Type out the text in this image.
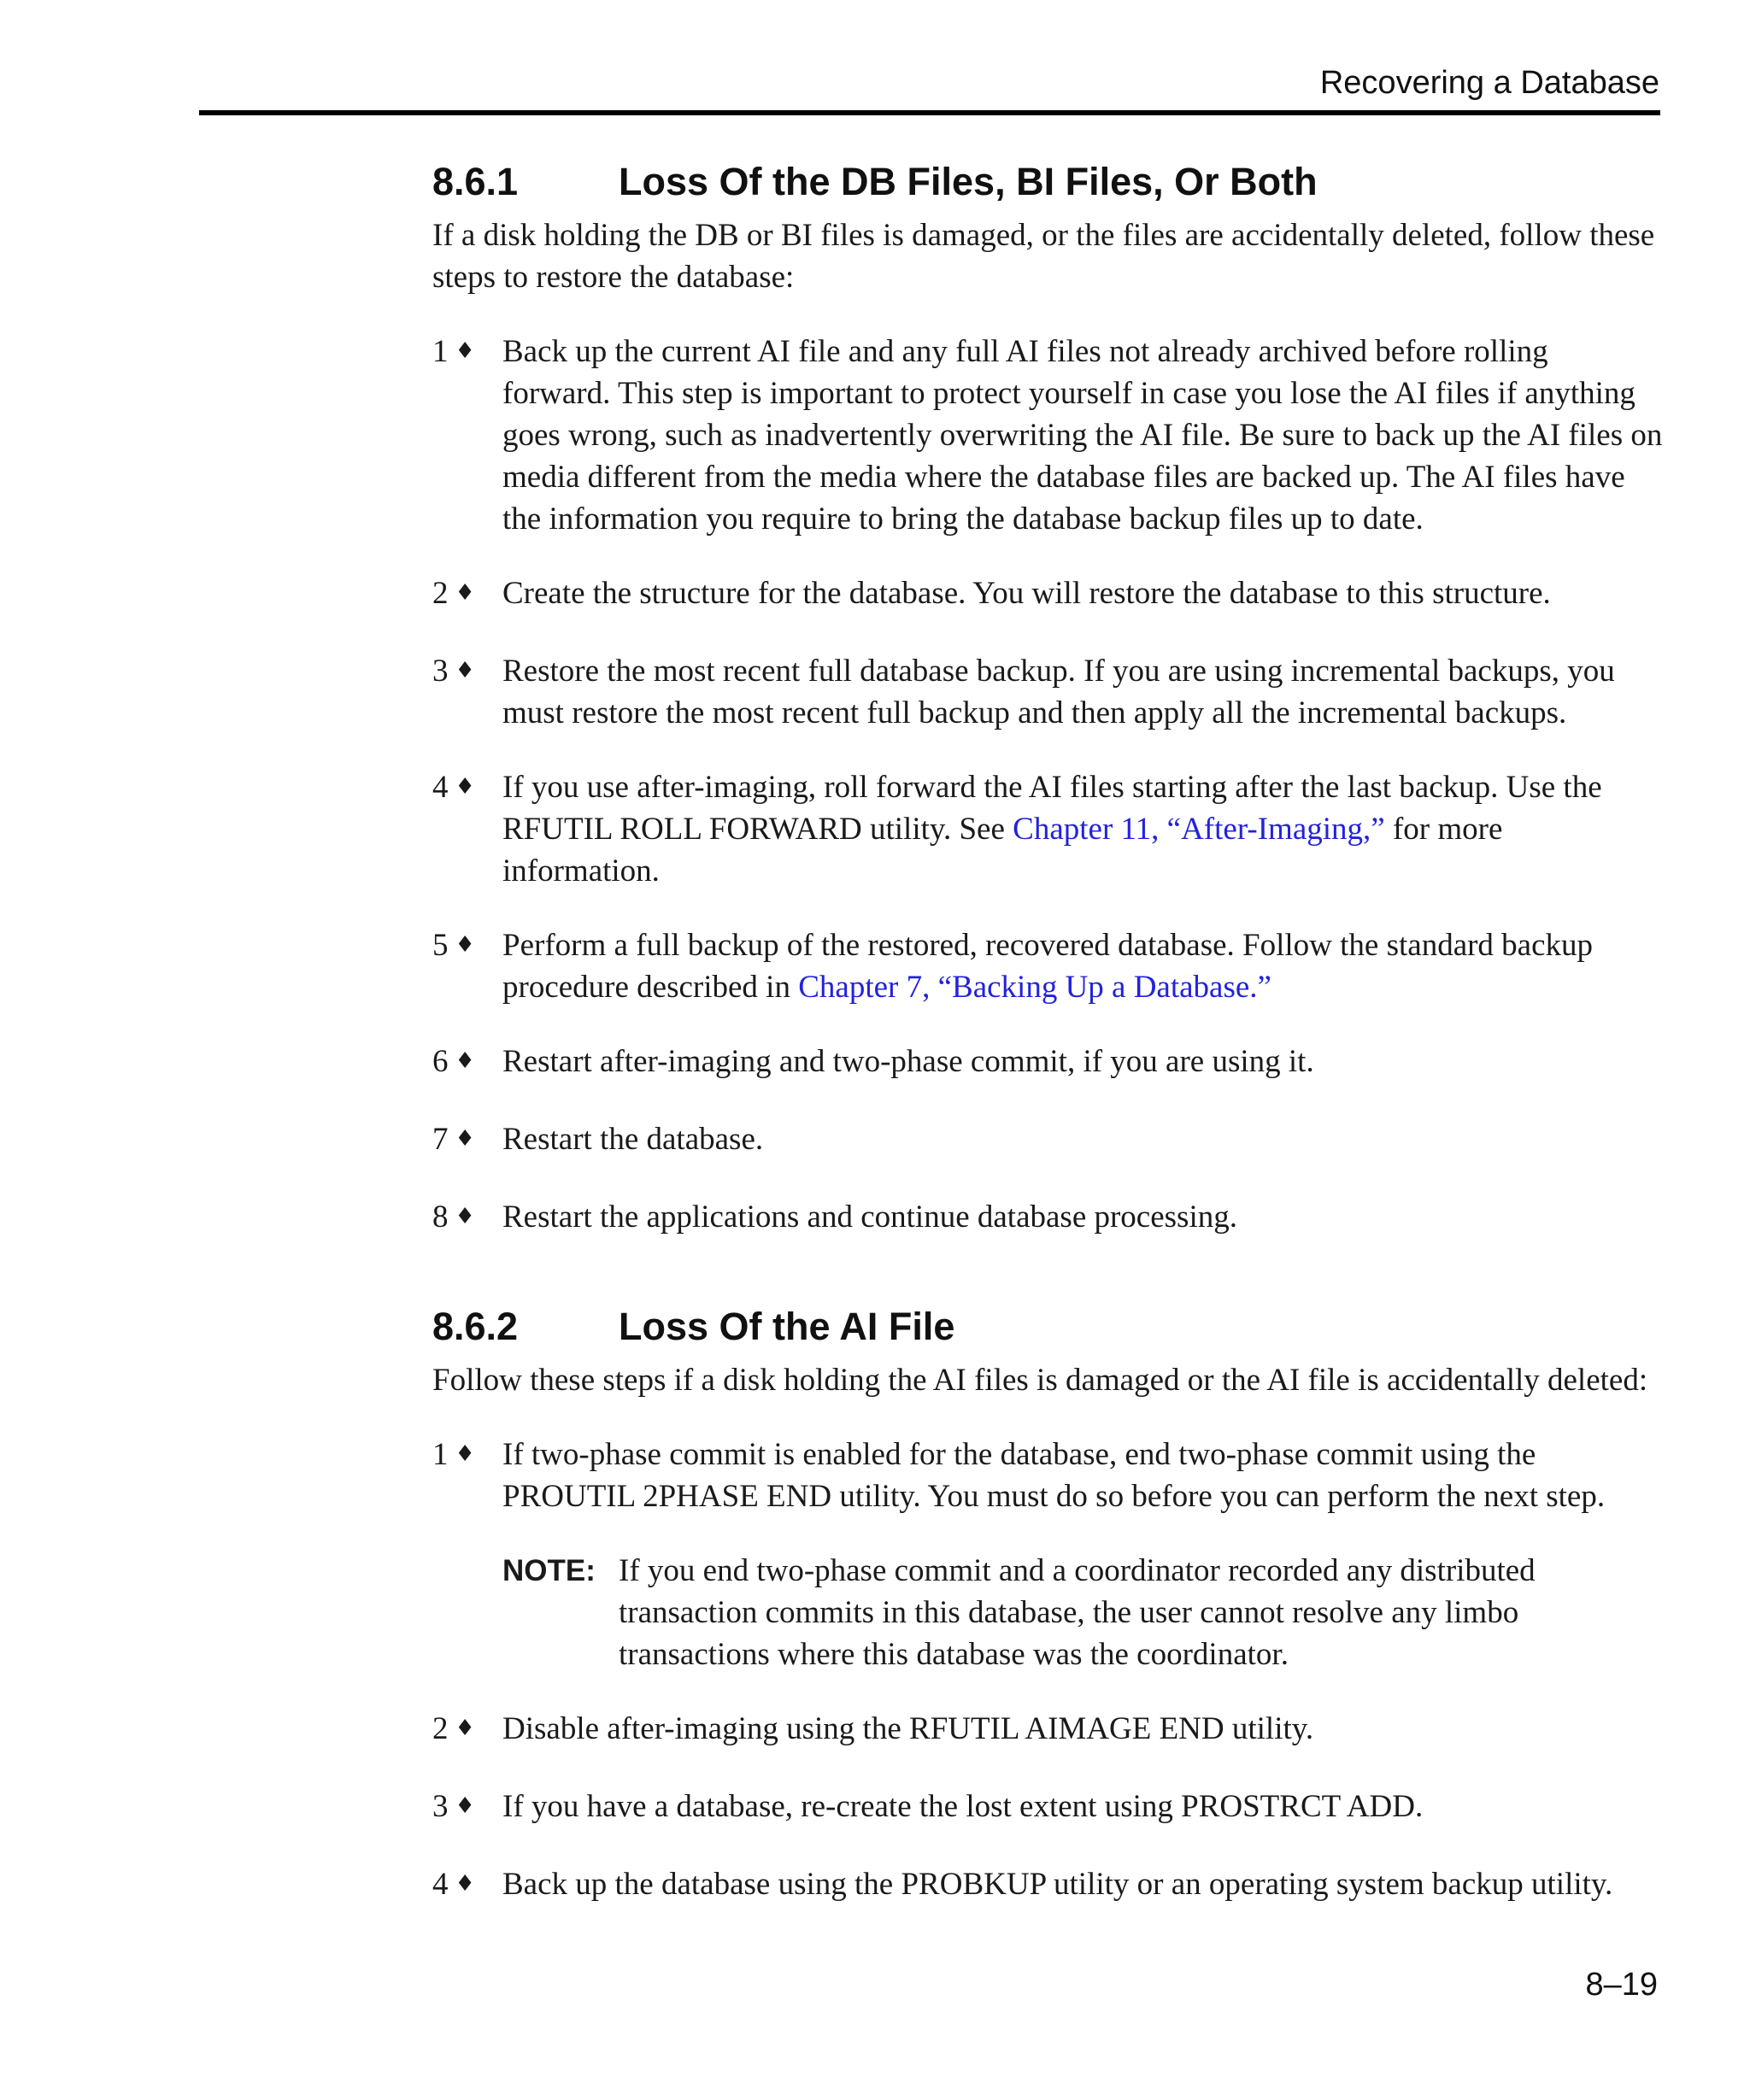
Recovering a Database
8.6.1	Loss Of the DB Files, BI Files, Or Both

If a disk holding the DB or BI files is damaged, or the files are accidentally deleted, follow these steps to restore the database:

1 ♦ Back up the current AI file and any full AI files not already archived before rolling forward. This step is important to protect yourself in case you lose the AI files if anything goes wrong, such as inadvertently overwriting the AI file. Be sure to back up the AI files on media different from the media where the database files are backed up. The AI files have the information you require to bring the database backup files up to date.
2 ♦ Create the structure for the database. You will restore the database to this structure.
3 ♦ Restore the most recent full database backup. If you are using incremental backups, you must restore the most recent full backup and then apply all the incremental backups.
4 ♦ If you use after-imaging, roll forward the AI files starting after the last backup. Use the RFUTIL ROLL FORWARD utility. See Chapter 11, “After-Imaging,” for more information.
5 ♦ Perform a full backup of the restored, recovered database. Follow the standard backup procedure described in Chapter 7, “Backing Up a Database.”
6 ♦ Restart after-imaging and two-phase commit, if you are using it.
7 ♦ Restart the database.
8 ♦ Restart the applications and continue database processing.
8.6.2	Loss Of the AI File

Follow these steps if a disk holding the AI files is damaged or the AI file is accidentally deleted:

1 ♦ If two-phase commit is enabled for the database, end two-phase commit using the PROUTIL 2PHASE END utility. You must do so before you can perform the next step.
NOTE: If you end two-phase commit and a coordinator recorded any distributed transaction commits in this database, the user cannot resolve any limbo transactions where this database was the coordinator.
2 ♦ Disable after-imaging using the RFUTIL AIMAGE END utility.
3 ♦ If you have a database, re-create the lost extent using PROSTRCT ADD.
4 ♦ Back up the database using the PROBKUP utility or an operating system backup utility.
8–19
